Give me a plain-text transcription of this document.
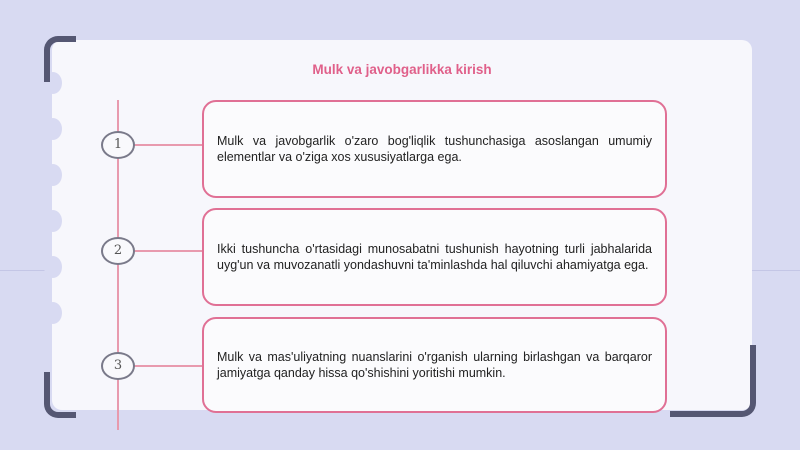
Mulk va javobgarlikka kirish
1
2
3

Mulk va javobgarlik o'zaro bog'liqlik tushunchasiga asoslangan umumiy elementlar va o'ziga xos xususiyatlarga ega.

Ikki tushuncha o'rtasidagi munosabatni tushunish hayotning turli jabhalarida uyg'un va muvozanatli yondashuvni ta'minlashda hal qiluvchi ahamiyatga ega.

Mulk va mas'uliyatning nuanslarini o'rganish ularning birlashgan va barqaror jamiyatga qanday hissa qo'shishini yoritishi mumkin.
